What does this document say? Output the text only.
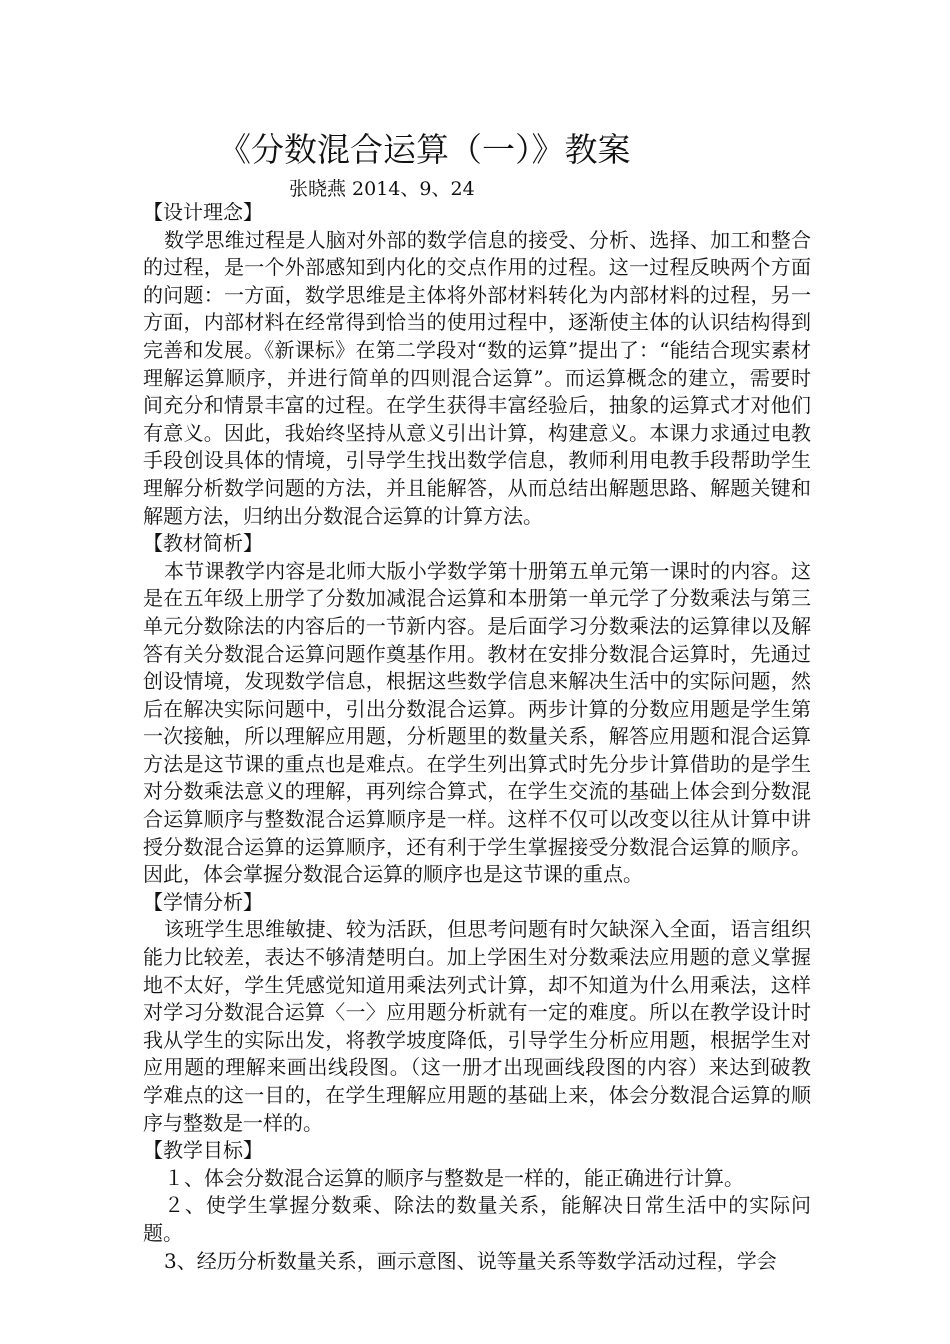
《分数混合运算（一）》教案
张晓燕 2014、9、24
【设计理念】

数学思维过程是人脑对外部的数学信息的接受、分析、选择、加工和整合的过程，是一个外部感知到内化的交点作用的过程。这一过程反映两个方面的问题：一方面，数学思维是主体将外部材料转化为内部材料的过程，另一方面，内部材料在经常得到恰当的使用过程中，逐渐使主体的认识结构得到完善和发展。《新课标》在第二学段对“数的运算”提出了：“能结合现实素材理解运算顺序，并进行简单的四则混合运算”。而运算概念的建立，需要时间充分和情景丰富的过程。在学生获得丰富经验后，抽象的运算式才对他们有意义。因此，我始终坚持从意义引出计算，构建意义。本课力求通过电教手段创设具体的情境，引导学生找出数学信息，教师利用电教手段帮助学生理解分析数学问题的方法，并且能解答，从而总结出解题思路、解题关键和解题方法，归纳出分数混合运算的计算方法。

【教材简析】

本节课教学内容是北师大版小学数学第十册第五单元第一课时的内容。这是在五年级上册学了分数加减混合运算和本册第一单元学了分数乘法与第三单元分数除法的内容后的一节新内容。是后面学习分数乘法的运算律以及解答有关分数混合运算问题作奠基作用。教材在安排分数混合运算时，先通过创设情境，发现数学信息，根据这些数学信息来解决生活中的实际问题，然后在解决实际问题中，引出分数混合运算。两步计算的分数应用题是学生第一次接触，所以理解应用题，分析题里的数量关系，解答应用题和混合运算方法是这节课的重点也是难点。在学生列出算式时先分步计算借助的是学生对分数乘法意义的理解，再列综合算式，在学生交流的基础上体会到分数混合运算顺序与整数混合运算顺序是一样。这样不仅可以改变以往从计算中讲授分数混合运算的运算顺序，还有利于学生掌握接受分数混合运算的顺序。因此，体会掌握分数混合运算的顺序也是这节课的重点。

【学情分析】

该班学生思维敏捷、较为活跃，但思考问题有时欠缺深入全面，语言组织能力比较差，表达不够清楚明白。加上学困生对分数乘法应用题的意义掌握地不太好，学生凭感觉知道用乘法列式计算，却不知道为什么用乘法，这样对学习分数混合运算〈一〉应用题分析就有一定的难度。所以在教学设计时我从学生的实际出发，将教学坡度降低，引导学生分析应用题，根据学生对应用题的理解来画出线段图。（这一册才出现画线段图的内容）来达到破教学难点的这一目的，在学生理解应用题的基础上来，体会分数混合运算的顺序与整数是一样的。

【教学目标】

１、体会分数混合运算的顺序与整数是一样的，能正确进行计算。

２、使学生掌握分数乘、除法的数量关系，能解决日常生活中的实际问题。

3、经历分析数量关系，画示意图、说等量关系等数学活动过程，学会
